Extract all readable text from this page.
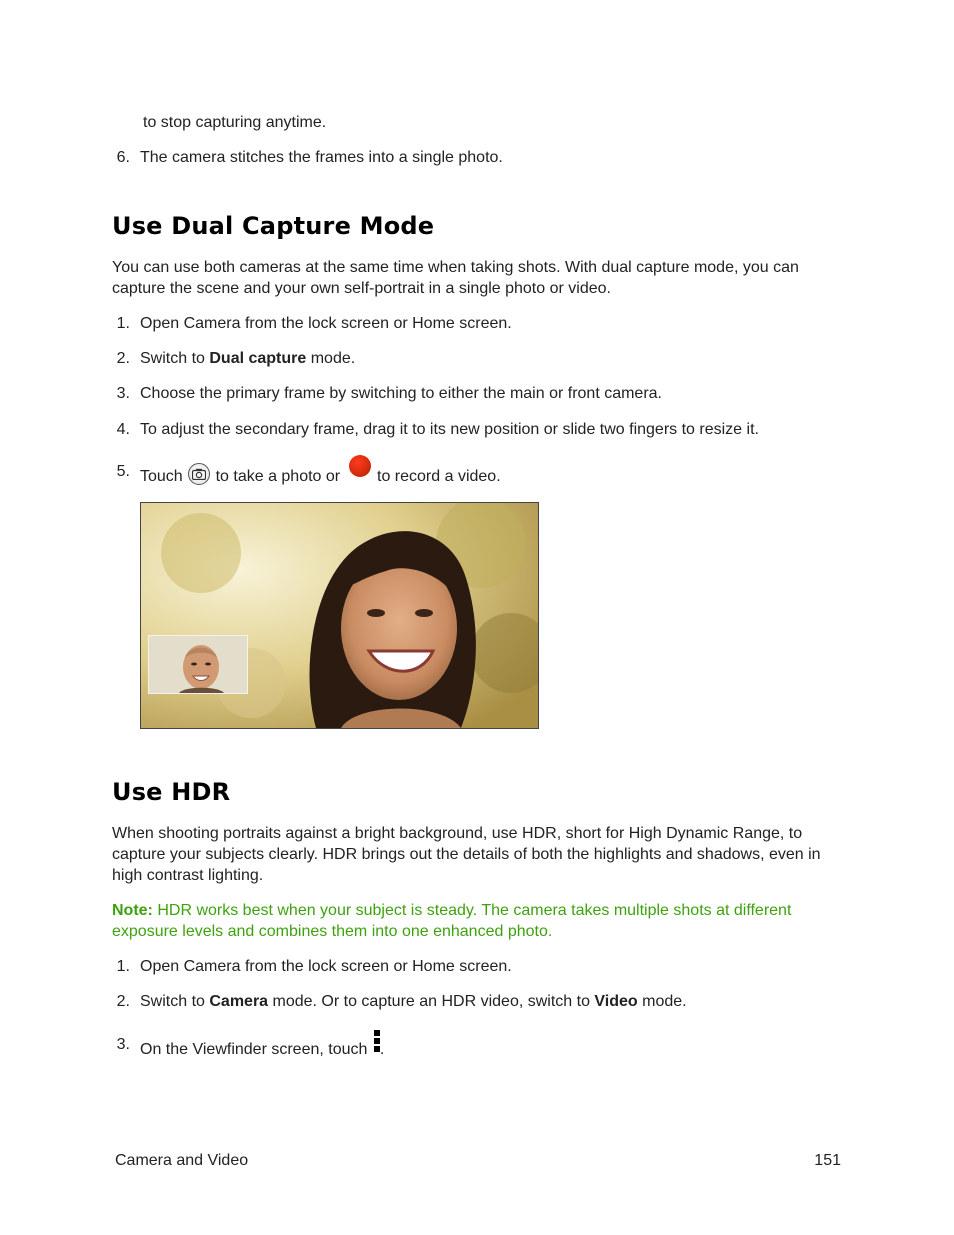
to stop capturing anytime.
6. The camera stitches the frames into a single photo.
Use Dual Capture Mode
You can use both cameras at the same time when taking shots. With dual capture mode, you can
capture the scene and your own self-portrait in a single photo or video.
1. Open Camera from the lock screen or Home screen.
2. Switch to Dual capture mode.
3. Choose the primary frame by switching to either the main or front camera.
4. To adjust the secondary frame, drag it to its new position or slide two fingers to resize it.
5. Touch
to take a photo or  to record a video.
Use HDR
When shooting portraits against a bright background, use HDR, short for High Dynamic Range, to
capture your subjects clearly. HDR brings out the details of both the highlights and shadows, even in
high contrast lighting.
Note: HDR works best when your subject is steady. The camera takes multiple shots at different
exposure levels and combines them into one enhanced photo.
1. Open Camera from the lock screen or Home screen.
2. Switch to Camera mode. Or to capture an HDR video, switch to Video mode.
3. On the Viewfinder screen, touch
.
Camera and Video	151
